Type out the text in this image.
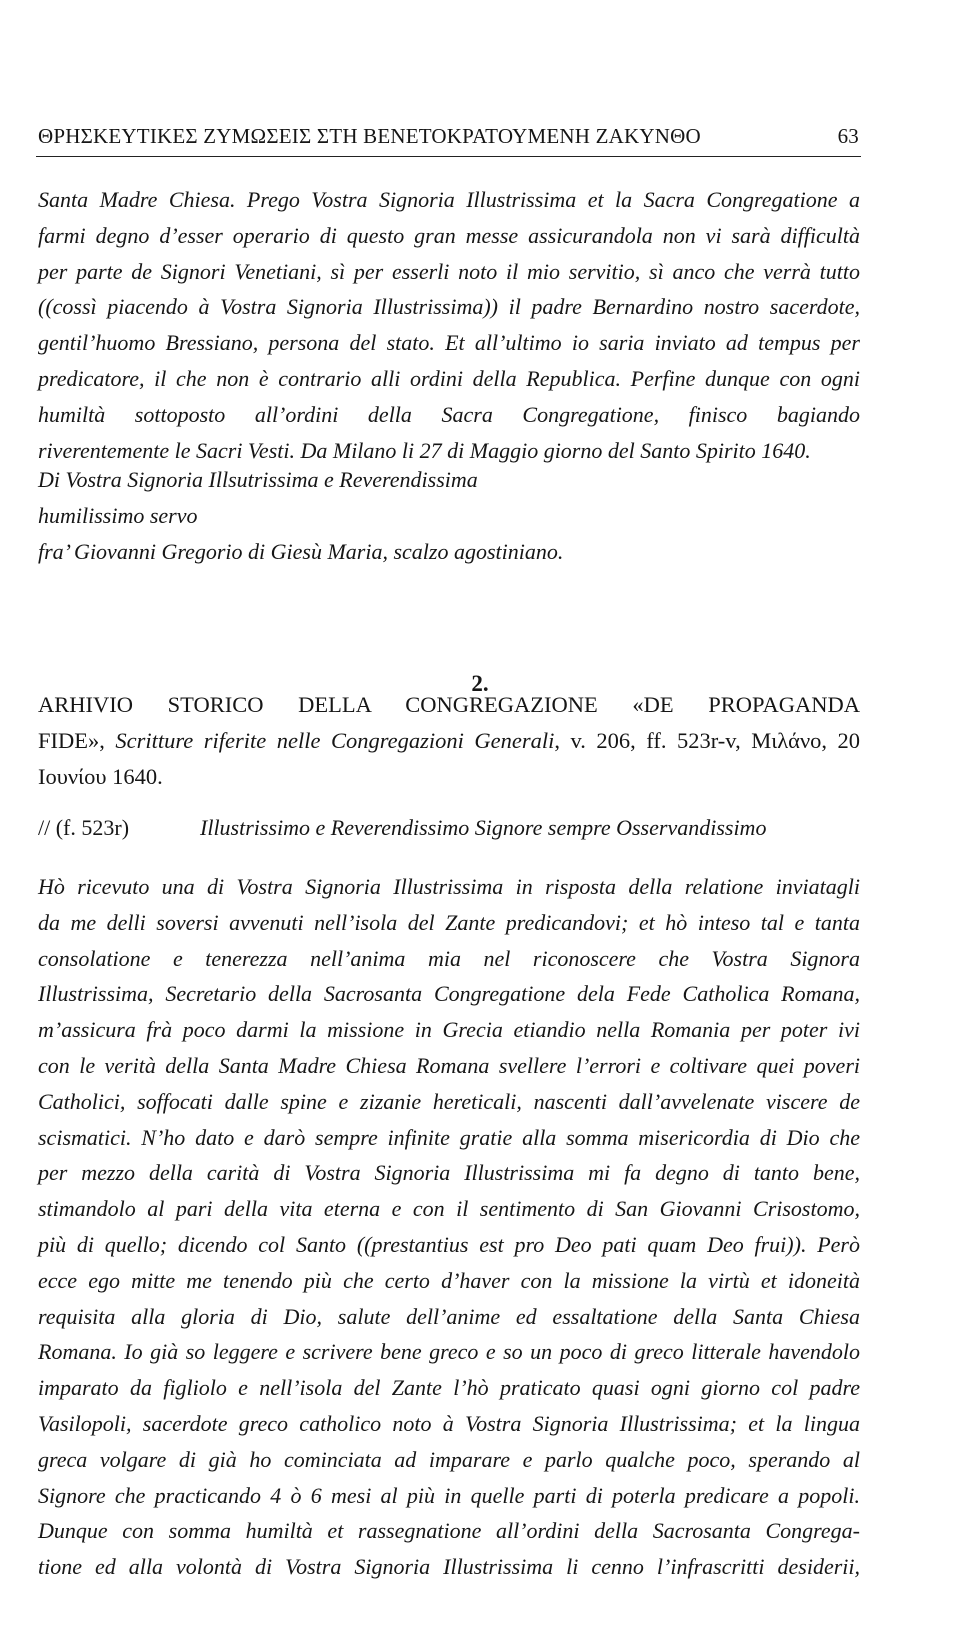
ΘΡΗΣΚΕΥΤΙΚΕΣ ΖΥΜΩΣΕΙΣ ΣΤΗ ΒΕΝΕΤΟΚΡΑΤΟΥΜΕΝΗ ΖΑΚΥΝΘΟ	63
Santa Madre Chiesa. Prego Vostra Signoria Illustrissima et la Sacra Congregatione a
farmi degno d’esser operario di questo gran messe assicurandola non vi sarà difficultà
per parte de Signori Venetiani, sì per esserli noto il mio servitio, sì anco che verrà tutto
((cossì piacendo à Vostra Signoria Illustrissima)) il padre Bernardino nostro sacerdote,
gentil’huomo Bressiano, persona del stato. Et all’ultimo io saria inviato ad tempus per
predicatore, il che non è contrario alli ordini della Republica. Perfine dunque con ogni
humiltà sottoposto all’ordini della Sacra Congregatione, finisco bagiando
riverentemente le Sacri Vesti. Da Milano li 27 di Maggio giorno del Santo Spirito 1640.
Di Vostra Signoria Illsutrissima e Reverendissima
humilissimo servo
fra’ Giovanni Gregorio di Giesù Maria, scalzo agostiniano.
2.
ARHIVIO STORICO DELLA CONGREGAZIONE «DE PROPAGANDA
FIDE», Scritture riferite nelle Congregazioni Generali, v. 206, ff. 523r-v, Μιλάνο, 20
Ιουνίου 1640.
// (f. 523r)	Illustrissimo e Reverendissimo Signore sempre Osservandissimo
Hò ricevuto una di Vostra Signoria Illustrissima in risposta della relatione inviatagli
da me delli soversi avvenuti nell’isola del Zante predicandovi; et hò inteso tal e tanta
consolatione e tenerezza nell’anima mia nel riconoscere che Vostra Signora
Illustrissima, Secretario della Sacrosanta Congregatione dela Fede Catholica Romana,
m’assicura frà poco darmi la missione in Grecia etiandio nella Romania per poter ivi
con le verità della Santa Madre Chiesa Romana svellere l’errori e coltivare quei poveri
Catholici, soffocati dalle spine e zizanie hereticali, nascenti dall’avvelenate viscere de
scismatici. N’ho dato e darò sempre infinite gratie alla somma misericordia di Dio che
per mezzo della carità di Vostra Signoria Illustrissima mi fa degno di tanto bene,
stimandolo al pari della vita eterna e con il sentimento di San Giovanni Crisostomo,
più di quello; dicendo col Santo ((prestantius est pro Deo pati quam Deo frui)). Però
ecce ego mitte me tenendo più che certo d’haver con la missione la virtù et idoneità
requisita alla gloria di Dio, salute dell’anime ed essaltatione della Santa Chiesa
Romana. Io già so leggere e scrivere bene greco e so un poco di greco litterale havendolo
imparato da figliolo e nell’isola del Zante l’hò praticato quasi ogni giorno col padre
Vasilopoli, sacerdote greco catholico noto à Vostra Signoria Illustrissima; et la lingua
greca volgare di già ho cominciata ad imparare e parlo qualche poco, sperando al
Signore che practicando 4 ò 6 mesi al più in quelle parti di poterla predicare a popoli.
Dunque con somma humiltà et rassegnatione all’ordini della Sacrosanta Congrega-
tione ed alla volontà di Vostra Signoria Illustrissima li cenno l’infrascritti desiderii,
